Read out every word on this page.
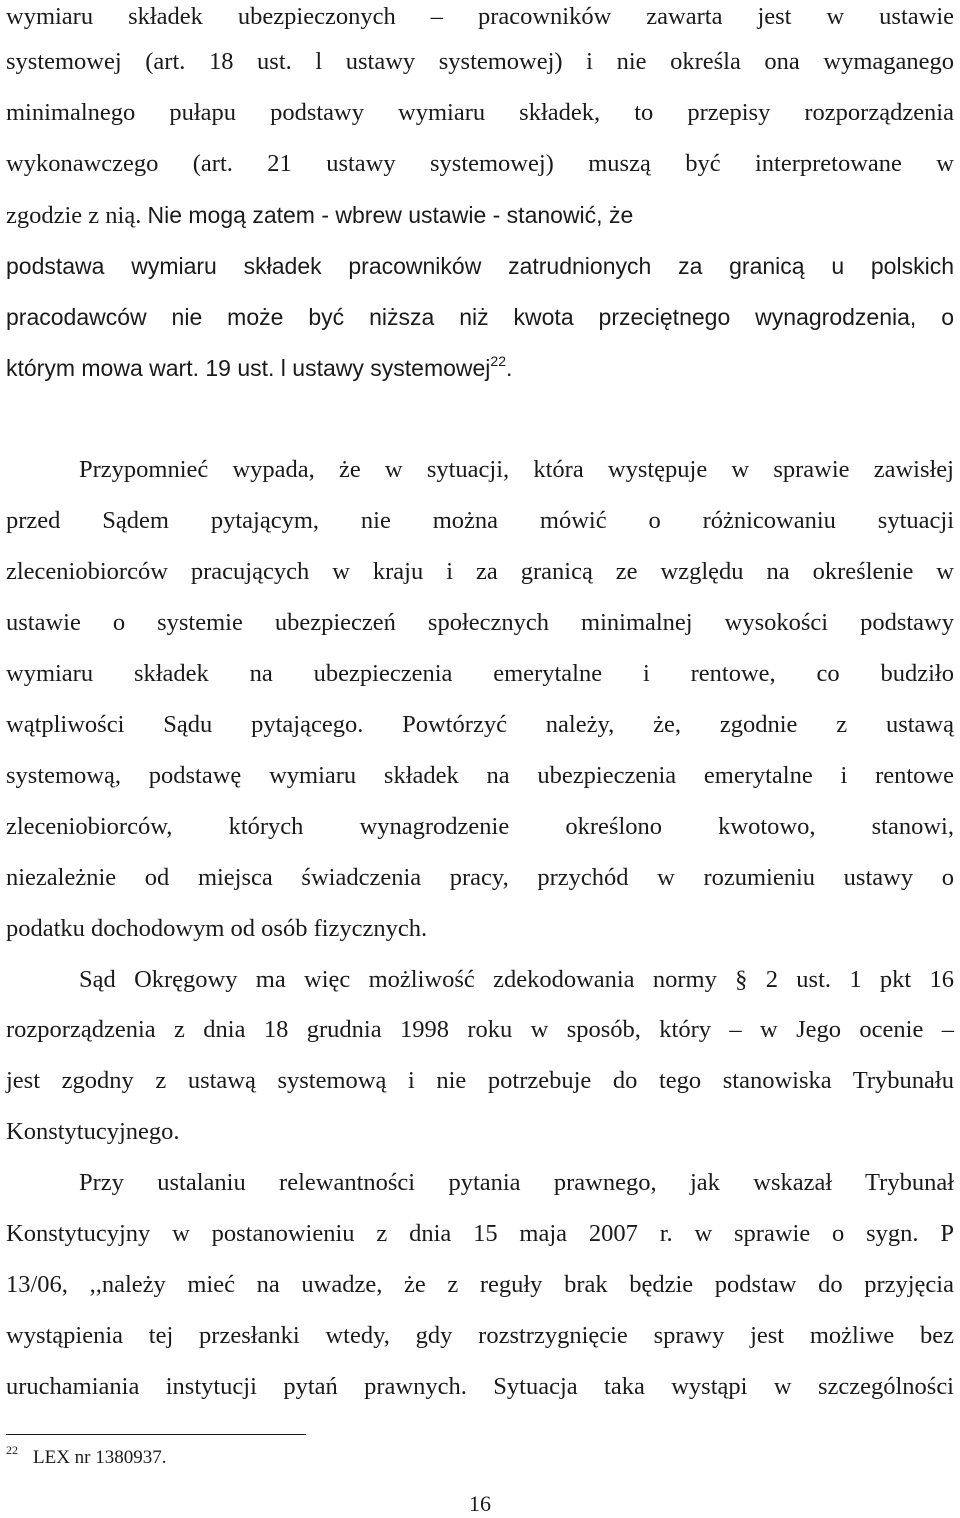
wymiaru składek ubezpieczonych – pracowników zawarta jest w ustawie
systemowej (art. 18 ust. l ustawy systemowej) i nie określa ona wymaganego
minimalnego pułapu podstawy wymiaru składek, to przepisy rozporządzenia
wykonawczego (art. 21 ustawy systemowej) muszą być interpretowane w
zgodzie z nią. Nie mogą zatem - wbrew ustawie - stanowić, że
podstawa wymiaru składek pracowników zatrudnionych za granicą u polskich
pracodawców nie może być niższa niż kwota przeciętnego wynagrodzenia, o
którym mowa wart. 19 ust. l ustawy systemowej$^{22}$.
Przypomnieć wypada, że w sytuacji, która występuje w sprawie zawisłej
przed Sądem pytającym, nie można mówić o różnicowaniu sytuacji
zleceniobiorców pracujących w kraju i za granicą ze względu na określenie w
ustawie o systemie ubezpieczeń społecznych minimalnej wysokości podstawy
wymiaru składek na ubezpieczenia emerytalne i rentowe, co budziło
wątpliwości Sądu pytającego. Powtórzyć należy, że, zgodnie z ustawą
systemową, podstawę wymiaru składek na ubezpieczenia emerytalne i rentowe
zleceniobiorców, których wynagrodzenie określono kwotowo, stanowi,
niezależnie od miejsca świadczenia pracy, przychód w rozumieniu ustawy o
podatku dochodowym od osób fizycznych.
Sąd Okręgowy ma więc możliwość zdekodowania normy § 2 ust. 1 pkt 16
rozporządzenia z dnia 18 grudnia 1998 roku w sposób, który – w Jego ocenie –
jest zgodny z ustawą systemową i nie potrzebuje do tego stanowiska Trybunału
Konstytucyjnego.
Przy ustalaniu relewantności pytania prawnego, jak wskazał Trybunał
Konstytucyjny w postanowieniu z dnia 15 maja 2007 r. w sprawie o sygn. P
13/06, ,,należy mieć na uwadze, że z reguły brak będzie podstaw do przyjęcia
wystąpienia tej przesłanki wtedy, gdy rozstrzygnięcie sprawy jest możliwe bez
uruchamiania instytucji pytań prawnych. Sytuacja taka wystąpi w szczególności
22 LEX nr 1380937.
16
